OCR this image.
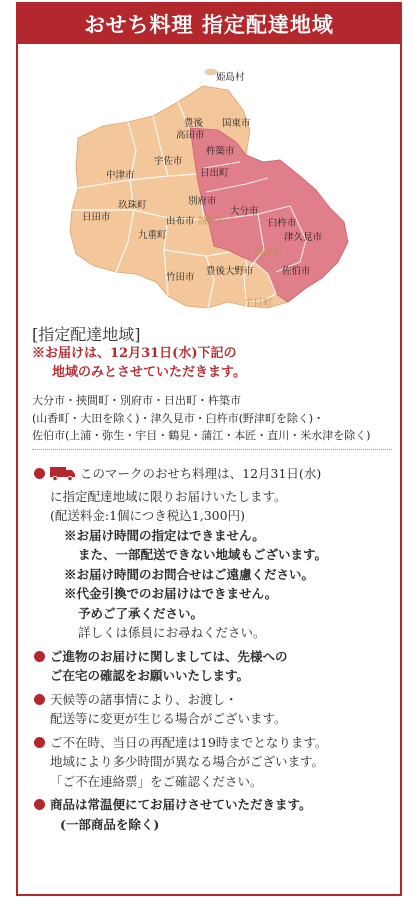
おせち料理 指定配達地域
姫島村
豊後
高田市
国東市
杵築市
中津市
宇佐市
日出町
別府市
日田市
玖珠町
由布市 挾間町
大分市
臼杵市
津久見市
九重町
野津町
竹田市
豊後大野市	佐伯市
宇目町
[指定配達地域]
※お届けは、12月31日(水)下記の
地域のみとさせていただきます。
大分市・挾間町・別府市・日出町・杵築市
(山香町・大田を除く)・津久見市・臼杵市(野津町を除く)・
佐伯市(上浦・弥生・宇目・鶴見・蒲江・本匠・直川・米水津を除く)
このマークのおせち料理は、12月31日(水)
に指定配達地域に限りお届けいたします。
(配送料金:1個につき税込1,300円)
※お届け時間の指定はできません。
また、一部配送できない地域もございます。
※お届け時間のお問合せはご遠慮ください。
※代金引換でのお届けはできません。
予めご了承ください。
詳しくは係員にお尋ねください。
ご進物のお届けに関しましては、先様への
ご在宅の確認をお願いいたします。
天候等の諸事情により、お渡し・
配送等に変更が生じる場合がございます。
ご不在時、当日の再配達は19時までとなります。
地域により多少時間が異なる場合がございます。
「ご不在連絡票」をご確認ください。
商品は常温便にてお届けさせていただきます。
(一部商品を除く)
